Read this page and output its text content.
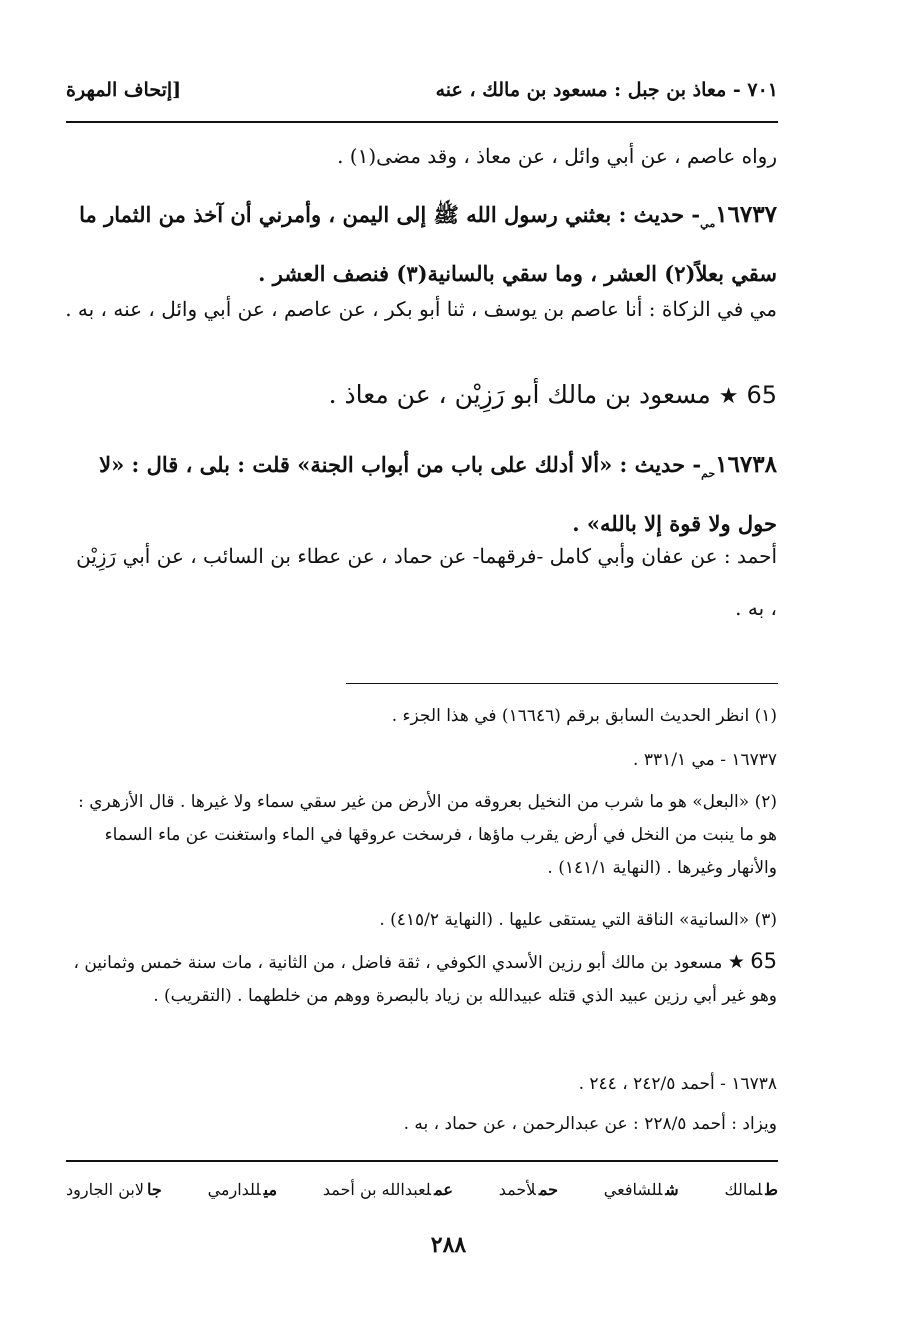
[إتحاف المهرة	٧٠١ - معاذ بن جبل : مسعود بن مالك ، عنه
رواه عاصم ، عن أبي وائل ، عن معاذ ، وقد مضى(١) .
$١٦٧٣٧_{مي}-$ حديث : بعثني رسول الله ﷺ إلى اليمن ، وأمرني أن آخذ من الثمار ما سقي بعلاً(٢) العشر ، وما سقي بالسانية(٣) فنصف العشر .
مي في الزكاة : أنا عاصم بن يوسف ، ثنا أبو بكر ، عن عاصم ، عن أبي وائل ، عنه ، به .
65 ★ مسعود بن مالك أبو رَزِيْن ، عن معاذ .
$١٦٧٣٨_{حم}-$ حديث : «ألا أدلك على باب من أبواب الجنة» قلت : بلى ، قال : «لا حول ولا قوة إلا بالله» .
أحمد : عن عفان وأبي كامل -فرقهما- عن حماد ، عن عطاء بن السائب ، عن أبي رَزِيْن ، به .
(١) انظر الحديث السابق برقم (١٦٦٤٦) في هذا الجزء .
١٦٧٣٧ - مي ٣٣١/١ .
(٢) «البعل» هو ما شرب من النخيل بعروقه من الأرض من غير سقي سماء ولا غيرها . قال الأزهري : هو ما ينبت من النخل في أرض يقرب ماؤها ، فرسخت عروقها في الماء واستغنت عن ماء السماء والأنهار وغيرها . (النهاية ١٤١/١) .
(٣) «السانية» الناقة التي يستقى عليها . (النهاية ٤١٥/٢) .
65 ★ مسعود بن مالك أبو رزين الأسدي الكوفي ، ثقة فاضل ، من الثانية ، مات سنة خمس وثمانين ، وهو غير أبي رزين عبيد الذي قتله عبيدالله بن زياد بالبصرة ووهم من خلطهما . (التقريب) .
١٦٧٣٨ - أحمد ٢٤٢/٥ ، ٢٤٤ .
ويزاد : أحمد ٢٢٨/٥ : عن عبدالرحمن ، عن حماد ، به .
طلمالك
شللشافعي
حملأحمد
عملعبدالله بن أحمد
ميللدارمي
جالابن الجارود
٢٨٨
